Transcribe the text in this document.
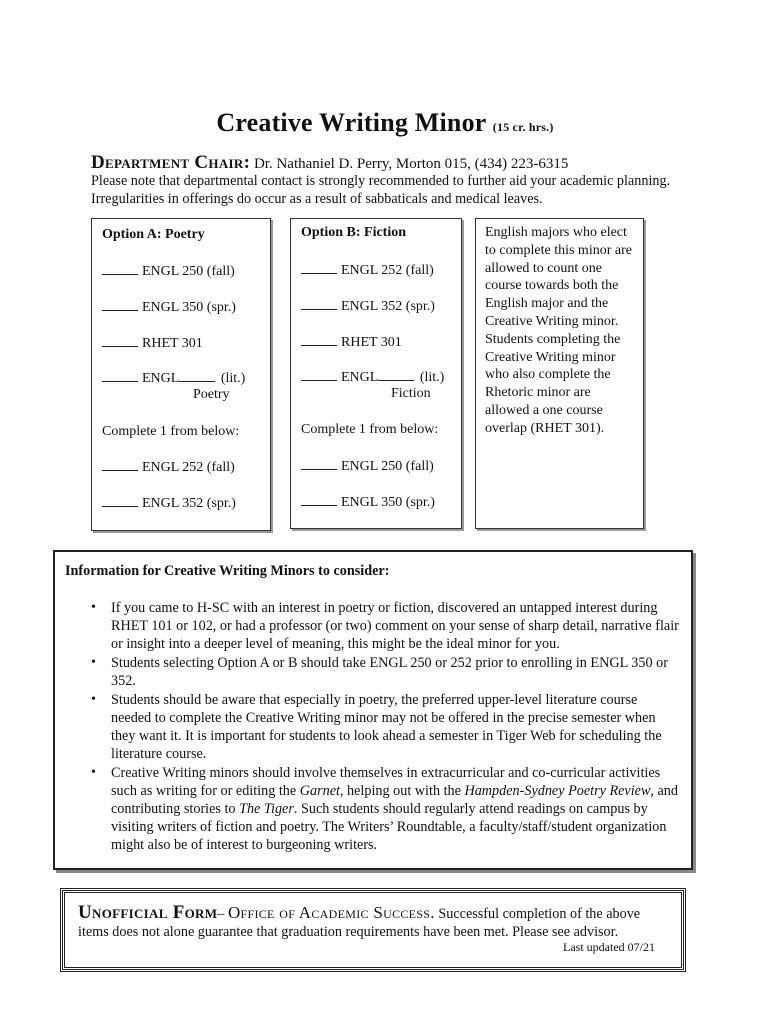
Creative Writing Minor (15 cr. hrs.)
Department Chair: Dr. Nathaniel D. Perry, Morton 015, (434) 223-6315
Please note that departmental contact is strongly recommended to further aid your academic planning. Irregularities in offerings do occur as a result of sabbaticals and medical leaves.
Option A: Poetry
ENGL 250 (fall)
ENGL 350 (spr.)
RHET 301
ENGL	(lit.)
Poetry
Complete 1 from below:
ENGL 252 (fall)
ENGL 352 (spr.)
Option B: Fiction
ENGL 252 (fall)
ENGL 352 (spr.)
RHET 301
ENGL	(lit.)
Fiction
Complete 1 from below:
ENGL 250 (fall)
ENGL 350 (spr.)
English majors who elect to complete this minor are allowed to count one course towards both the English major and the Creative Writing minor. Students completing the Creative Writing minor who also complete the Rhetoric minor are allowed a one course overlap (RHET 301).
Information for Creative Writing Minors to consider:
• If you came to H-SC with an interest in poetry or fiction, discovered an untapped interest during RHET 101 or 102, or had a professor (or two) comment on your sense of sharp detail, narrative flair or insight into a deeper level of meaning, this might be the ideal minor for you.
• Students selecting Option A or B should take ENGL 250 or 252 prior to enrolling in ENGL 350 or 352.
• Students should be aware that especially in poetry, the preferred upper-level literature course needed to complete the Creative Writing minor may not be offered in the precise semester when they want it. It is important for students to look ahead a semester in Tiger Web for scheduling the literature course.
• Creative Writing minors should involve themselves in extracurricular and co-curricular activities such as writing for or editing the Garnet, helping out with the Hampden-Sydney Poetry Review, and contributing stories to The Tiger. Such students should regularly attend readings on campus by visiting writers of fiction and poetry. The Writers’ Roundtable, a faculty/staff/student organization might also be of interest to burgeoning writers.
Unofficial Form– Office of Academic Success. Successful completion of the above items does not alone guarantee that graduation requirements have been met. Please see advisor.
Last updated 07/21
